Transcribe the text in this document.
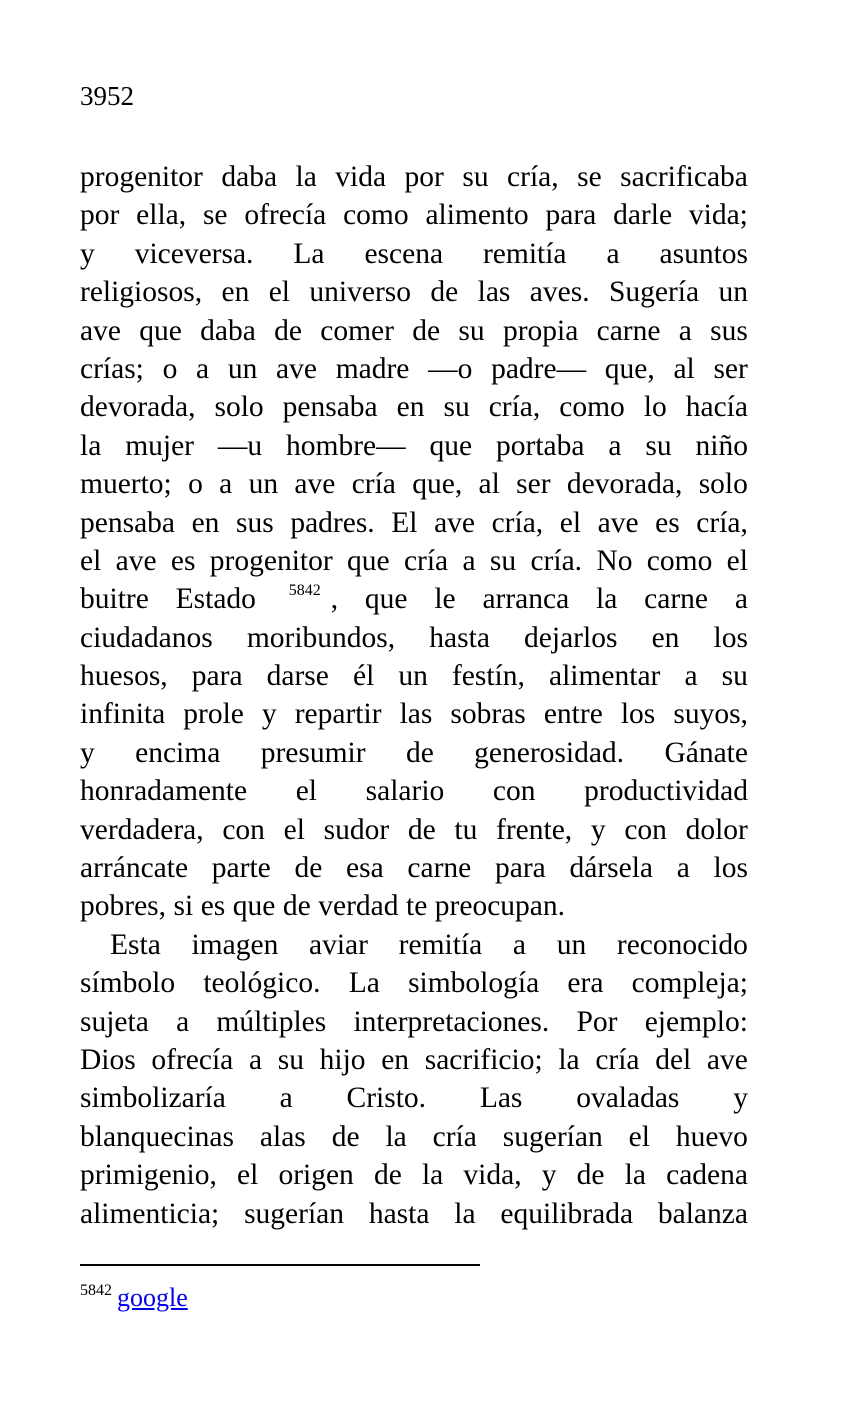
3952
progenitor daba la vida por su cría, se sacrificaba
por ella, se ofrecía como alimento para darle vida;
y viceversa. La escena remitía a asuntos
religiosos, en el universo de las aves. Sugería un
ave que daba de comer de su propia carne a sus
crías; o a un ave madre —o padre— que, al ser
devorada, solo pensaba en su cría, como lo hacía
la mujer —u hombre— que portaba a su niño
muerto; o a un ave cría que, al ser devorada, solo
pensaba en sus padres. El ave cría, el ave es cría,
el ave es progenitor que cría a su cría. No como el
buitre Estado	5842 , que le arranca la carne a
ciudadanos moribundos, hasta dejarlos en los
huesos, para darse él un festín, alimentar a su
infinita prole y repartir las sobras entre los suyos,
y encima presumir de generosidad. Gánate
honradamente el salario con productividad
verdadera, con el sudor de tu frente, y con dolor
arráncate parte de esa carne para dársela a los
pobres, si es que de verdad te preocupan.
Esta imagen aviar remitía a un reconocido
símbolo teológico. La simbología era compleja;
sujeta a múltiples interpretaciones. Por ejemplo:
Dios ofrecía a su hijo en sacrificio; la cría del ave
simbolizaría a Cristo. Las ovaladas y
blanquecinas alas de la cría sugerían el huevo
primigenio, el origen de la vida, y de la cadena
alimenticia; sugerían hasta la equilibrada balanza
$^{5842}$ google
